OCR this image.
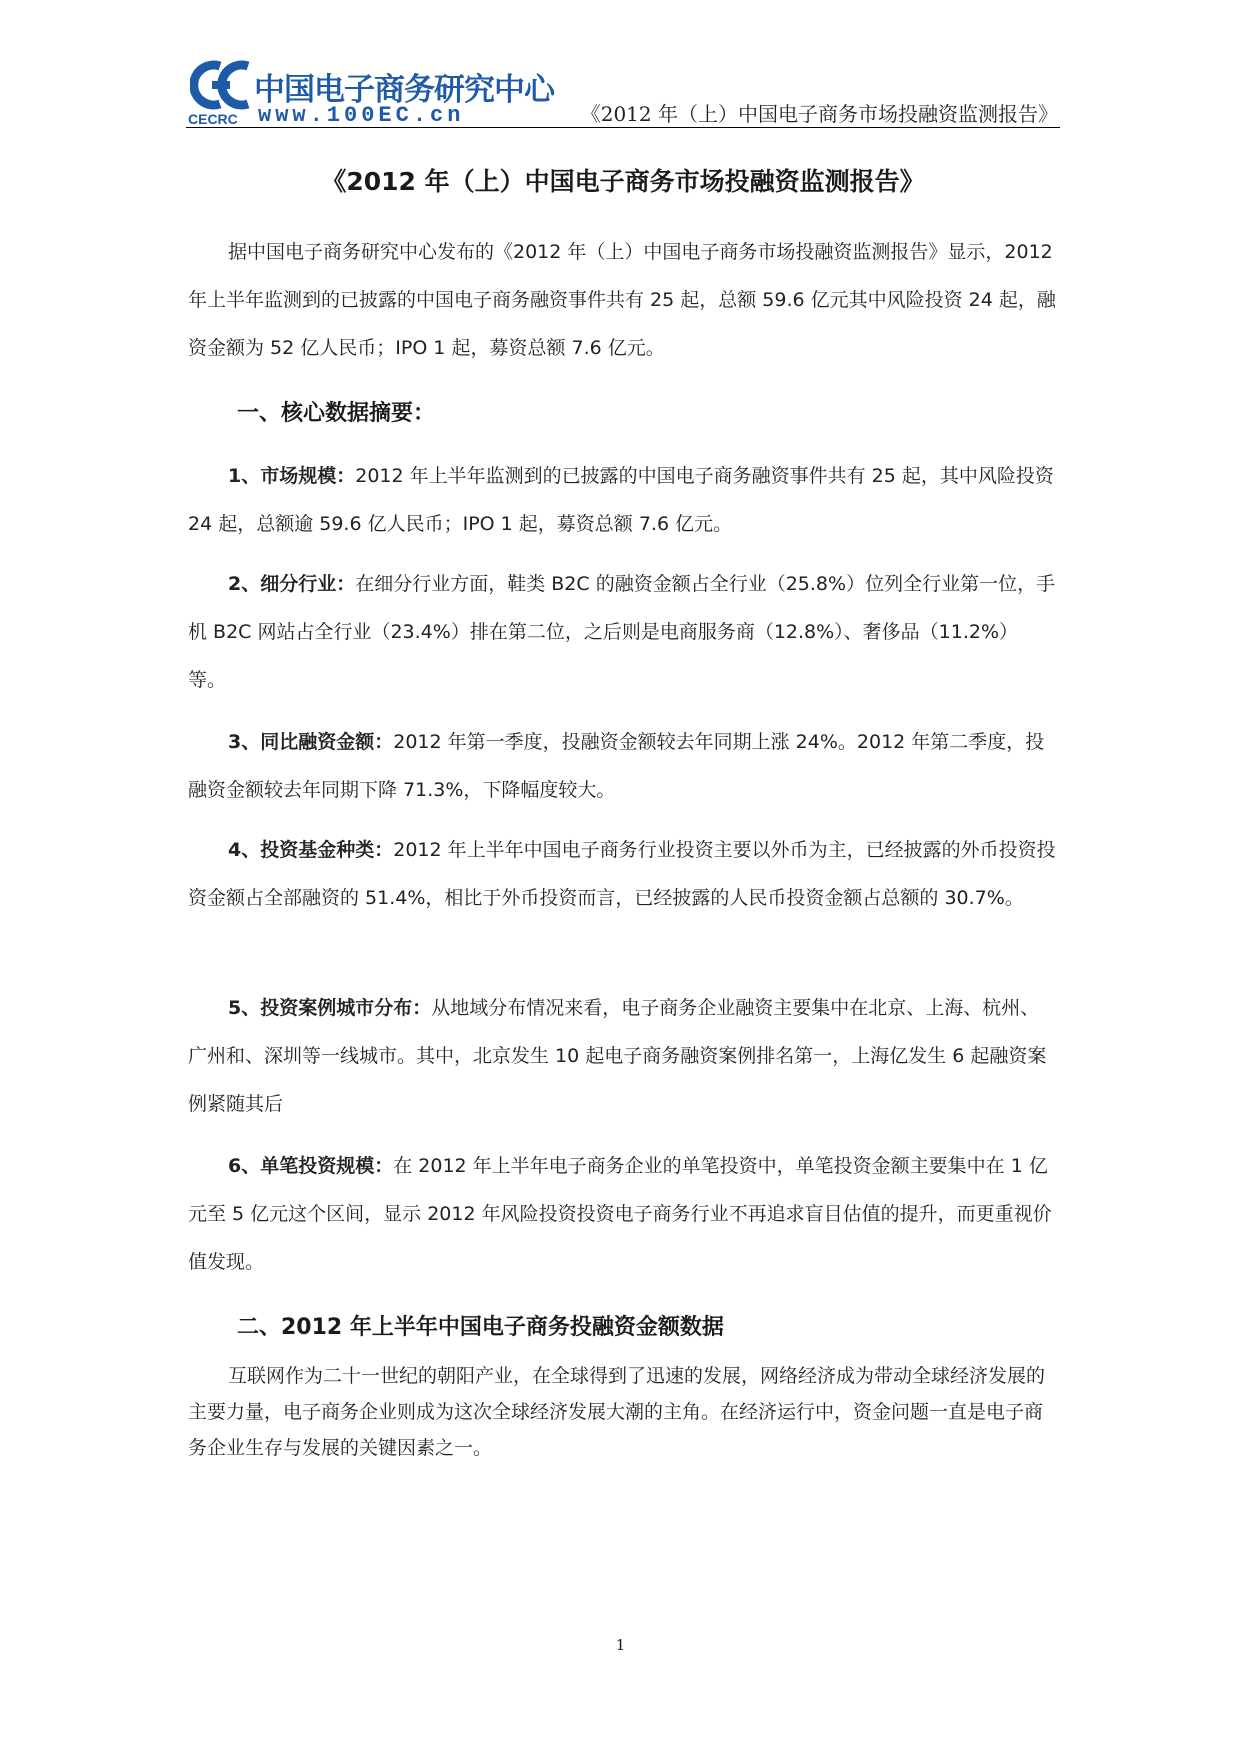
中国电子商务研究中心
CECRC www.100EC.cn	《2012 年（上）中国电子商务市场投融资监测报告》
《2012 年（上）中国电子商务市场投融资监测报告》

据中国电子商务研究中心发布的《2012 年（上）中国电子商务市场投融资监测报告》显示，2012 年上半年监测到的已披露的中国电子商务融资事件共有 25 起，总额 59.6 亿元其中风险投资 24 起，融资金额为 52 亿人民币；IPO 1 起，募资总额 7.6 亿元。

一、核心数据摘要：

1、市场规模：2012 年上半年监测到的已披露的中国电子商务融资事件共有 25 起，其中风险投资 24 起，总额逾 59.6 亿人民币；IPO 1 起，募资总额 7.6 亿元。

2、细分行业：在细分行业方面，鞋类 B2C 的融资金额占全行业（25.8%）位列全行业第一位，手机 B2C 网站占全行业（23.4%）排在第二位，之后则是电商服务商（12.8%）、奢侈品（11.2%）等。

3、同比融资金额：2012 年第一季度，投融资金额较去年同期上涨 24%。2012 年第二季度，投融资金额较去年同期下降 71.3%，下降幅度较大。

4、投资基金种类：2012 年上半年中国电子商务行业投资主要以外币为主，已经披露的外币投资投资金额占全部融资的 51.4%，相比于外币投资而言，已经披露的人民币投资金额占总额的 30.7%。

5、投资案例城市分布：从地域分布情况来看，电子商务企业融资主要集中在北京、上海、杭州、广州和、深圳等一线城市。其中，北京发生 10 起电子商务融资案例排名第一，上海亿发生 6 起融资案例紧随其后

6、单笔投资规模：在 2012 年上半年电子商务企业的单笔投资中，单笔投资金额主要集中在 1 亿元至 5 亿元这个区间，显示 2012 年风险投资投资电子商务行业不再追求盲目估值的提升，而更重视价值发现。

二、2012 年上半年中国电子商务投融资金额数据

互联网作为二十一世纪的朝阳产业，在全球得到了迅速的发展，网络经济成为带动全球经济发展的主要力量，电子商务企业则成为这次全球经济发展大潮的主角。在经济运行中，资金问题一直是电子商务企业生存与发展的关键因素之一。

1
